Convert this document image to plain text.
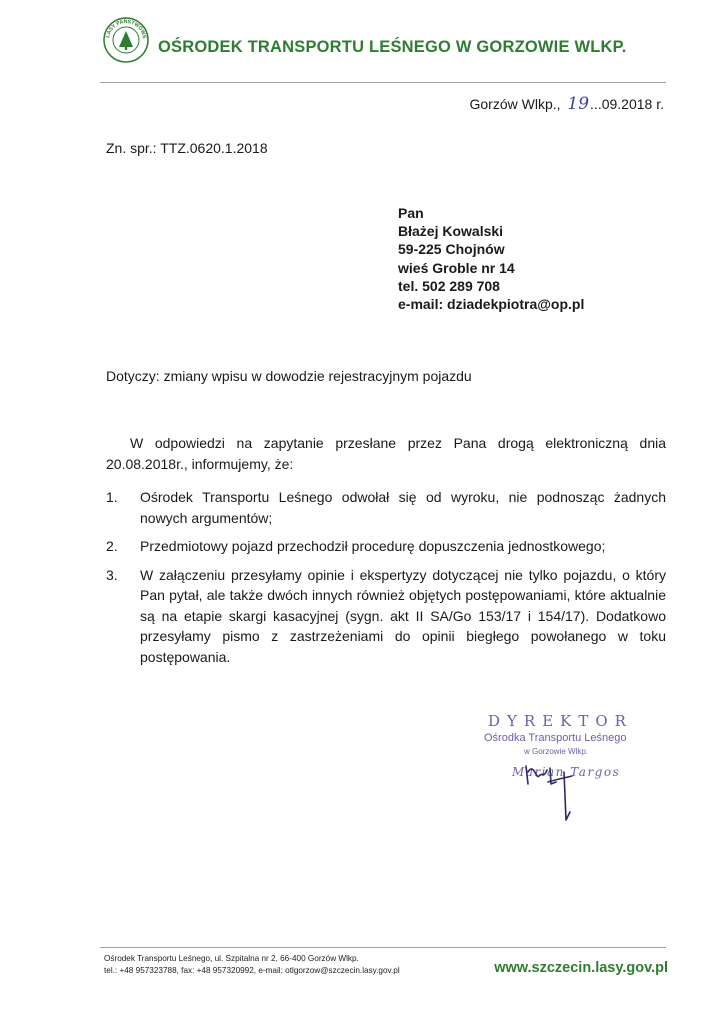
LASY PAŃSTWOWE
OŚRODEK TRANSPORTU LEŚNEGO W GORZOWIE WLKP.
Gorzów Wlkp., 19...09.2018 r.
Zn. spr.: TTZ.0620.1.2018
Pan
Błażej Kowalski
59-225 Chojnów
wieś Groble nr 14
tel. 502 289 708
e-mail: dziadekpiotra@op.pl
Dotyczy: zmiany wpisu w dowodzie rejestracyjnym pojazdu
W odpowiedzi na zapytanie przesłane przez Pana drogą elektroniczną dnia 20.08.2018r., informujemy, że:
1. Ośrodek Transportu Leśnego odwołał się od wyroku, nie podnosząc żadnych nowych argumentów;
2. Przedmiotowy pojazd przechodził procedurę dopuszczenia jednostkowego;
3. W załączeniu przesyłamy opinie i ekspertyzy dotyczącej nie tylko pojazdu, o który Pan pytał, ale także dwóch innych również objętych postępowaniami, które aktualnie są na etapie skargi kasacyjnej (sygn. akt II SA/Go 153/17 i 154/17). Dodatkowo przesyłamy pismo z zastrzeżeniami do opinii biegłego powołanego w toku postępowania.
DYREKTOR
Ośrodka Transportu Leśnego
w Gorzowie Wlkp.
Marian Targos
Ośrodek Transportu Leśnego, ul. Szpitalna nr 2, 66-400 Gorzów Wlkp.
tel.: +48 957323788, fax: +48 957320992, e-mail: otlgorzow@szczecin.lasy.gov.pl	www.szczecin.lasy.gov.pl
